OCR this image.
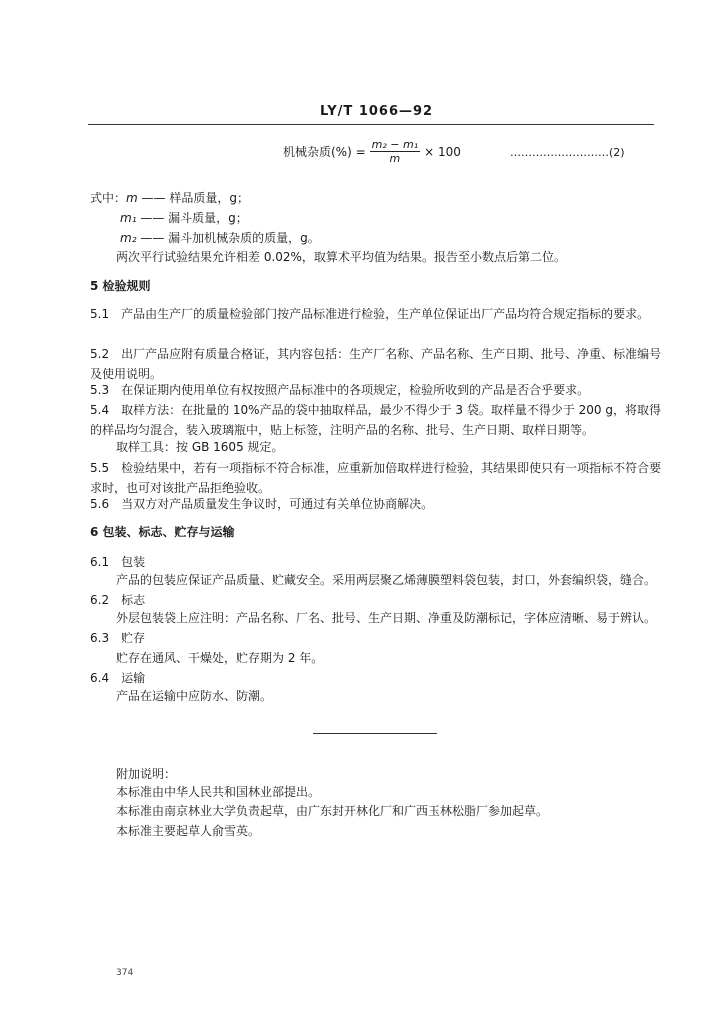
LY/T 1066—92
机械杂质(%) = $\frac{\text{m₂ − m₁}}{m} \times 100$	………………………(2)
式中： m —— 样品质量，g；
m₁ —— 漏斗质量，g；
m₂ —— 漏斗加机械杂质的质量，g。
两次平行试验结果允许相差 0.02%，取算术平均值为结果。报告至小数点后第二位。
5 检验规则
5.1　产品由生产厂的质量检验部门按产品标准进行检验，生产单位保证出厂产品均符合规定指标的要求。
5.2　出厂产品应附有质量合格证，其内容包括：生产厂名称、产品名称、生产日期、批号、净重、标准编号及使用说明。
5.3　在保证期内使用单位有权按照产品标准中的各项规定，检验所收到的产品是否合乎要求。
5.4　取样方法：在批量的 10%产品的袋中抽取样品，最少不得少于 3 袋。取样量不得少于 200 g，将取得的样品均匀混合，装入玻璃瓶中，贴上标签，注明产品的名称、批号、生产日期、取样日期等。
取样工具：按 GB 1605 规定。
5.5　检验结果中，若有一项指标不符合标准，应重新加倍取样进行检验，其结果即使只有一项指标不符合要求时，也可对该批产品拒绝验收。
5.6　当双方对产品质量发生争议时，可通过有关单位协商解决。
6 包装、标志、贮存与运输
6.1　包装
产品的包装应保证产品质量、贮藏安全。采用两层聚乙烯薄膜塑料袋包装，封口，外套编织袋，缝合。
6.2　标志
外层包装袋上应注明：产品名称、厂名、批号、生产日期、净重及防潮标记，字体应清晰、易于辨认。
6.3　贮存
贮存在通风、干燥处，贮存期为 2 年。
6.4　运输
产品在运输中应防水、防潮。
附加说明：
本标准由中华人民共和国林业部提出。
本标准由南京林业大学负责起草，由广东封开林化厂和广西玉林松脂厂参加起草。
本标准主要起草人俞雪英。
374
